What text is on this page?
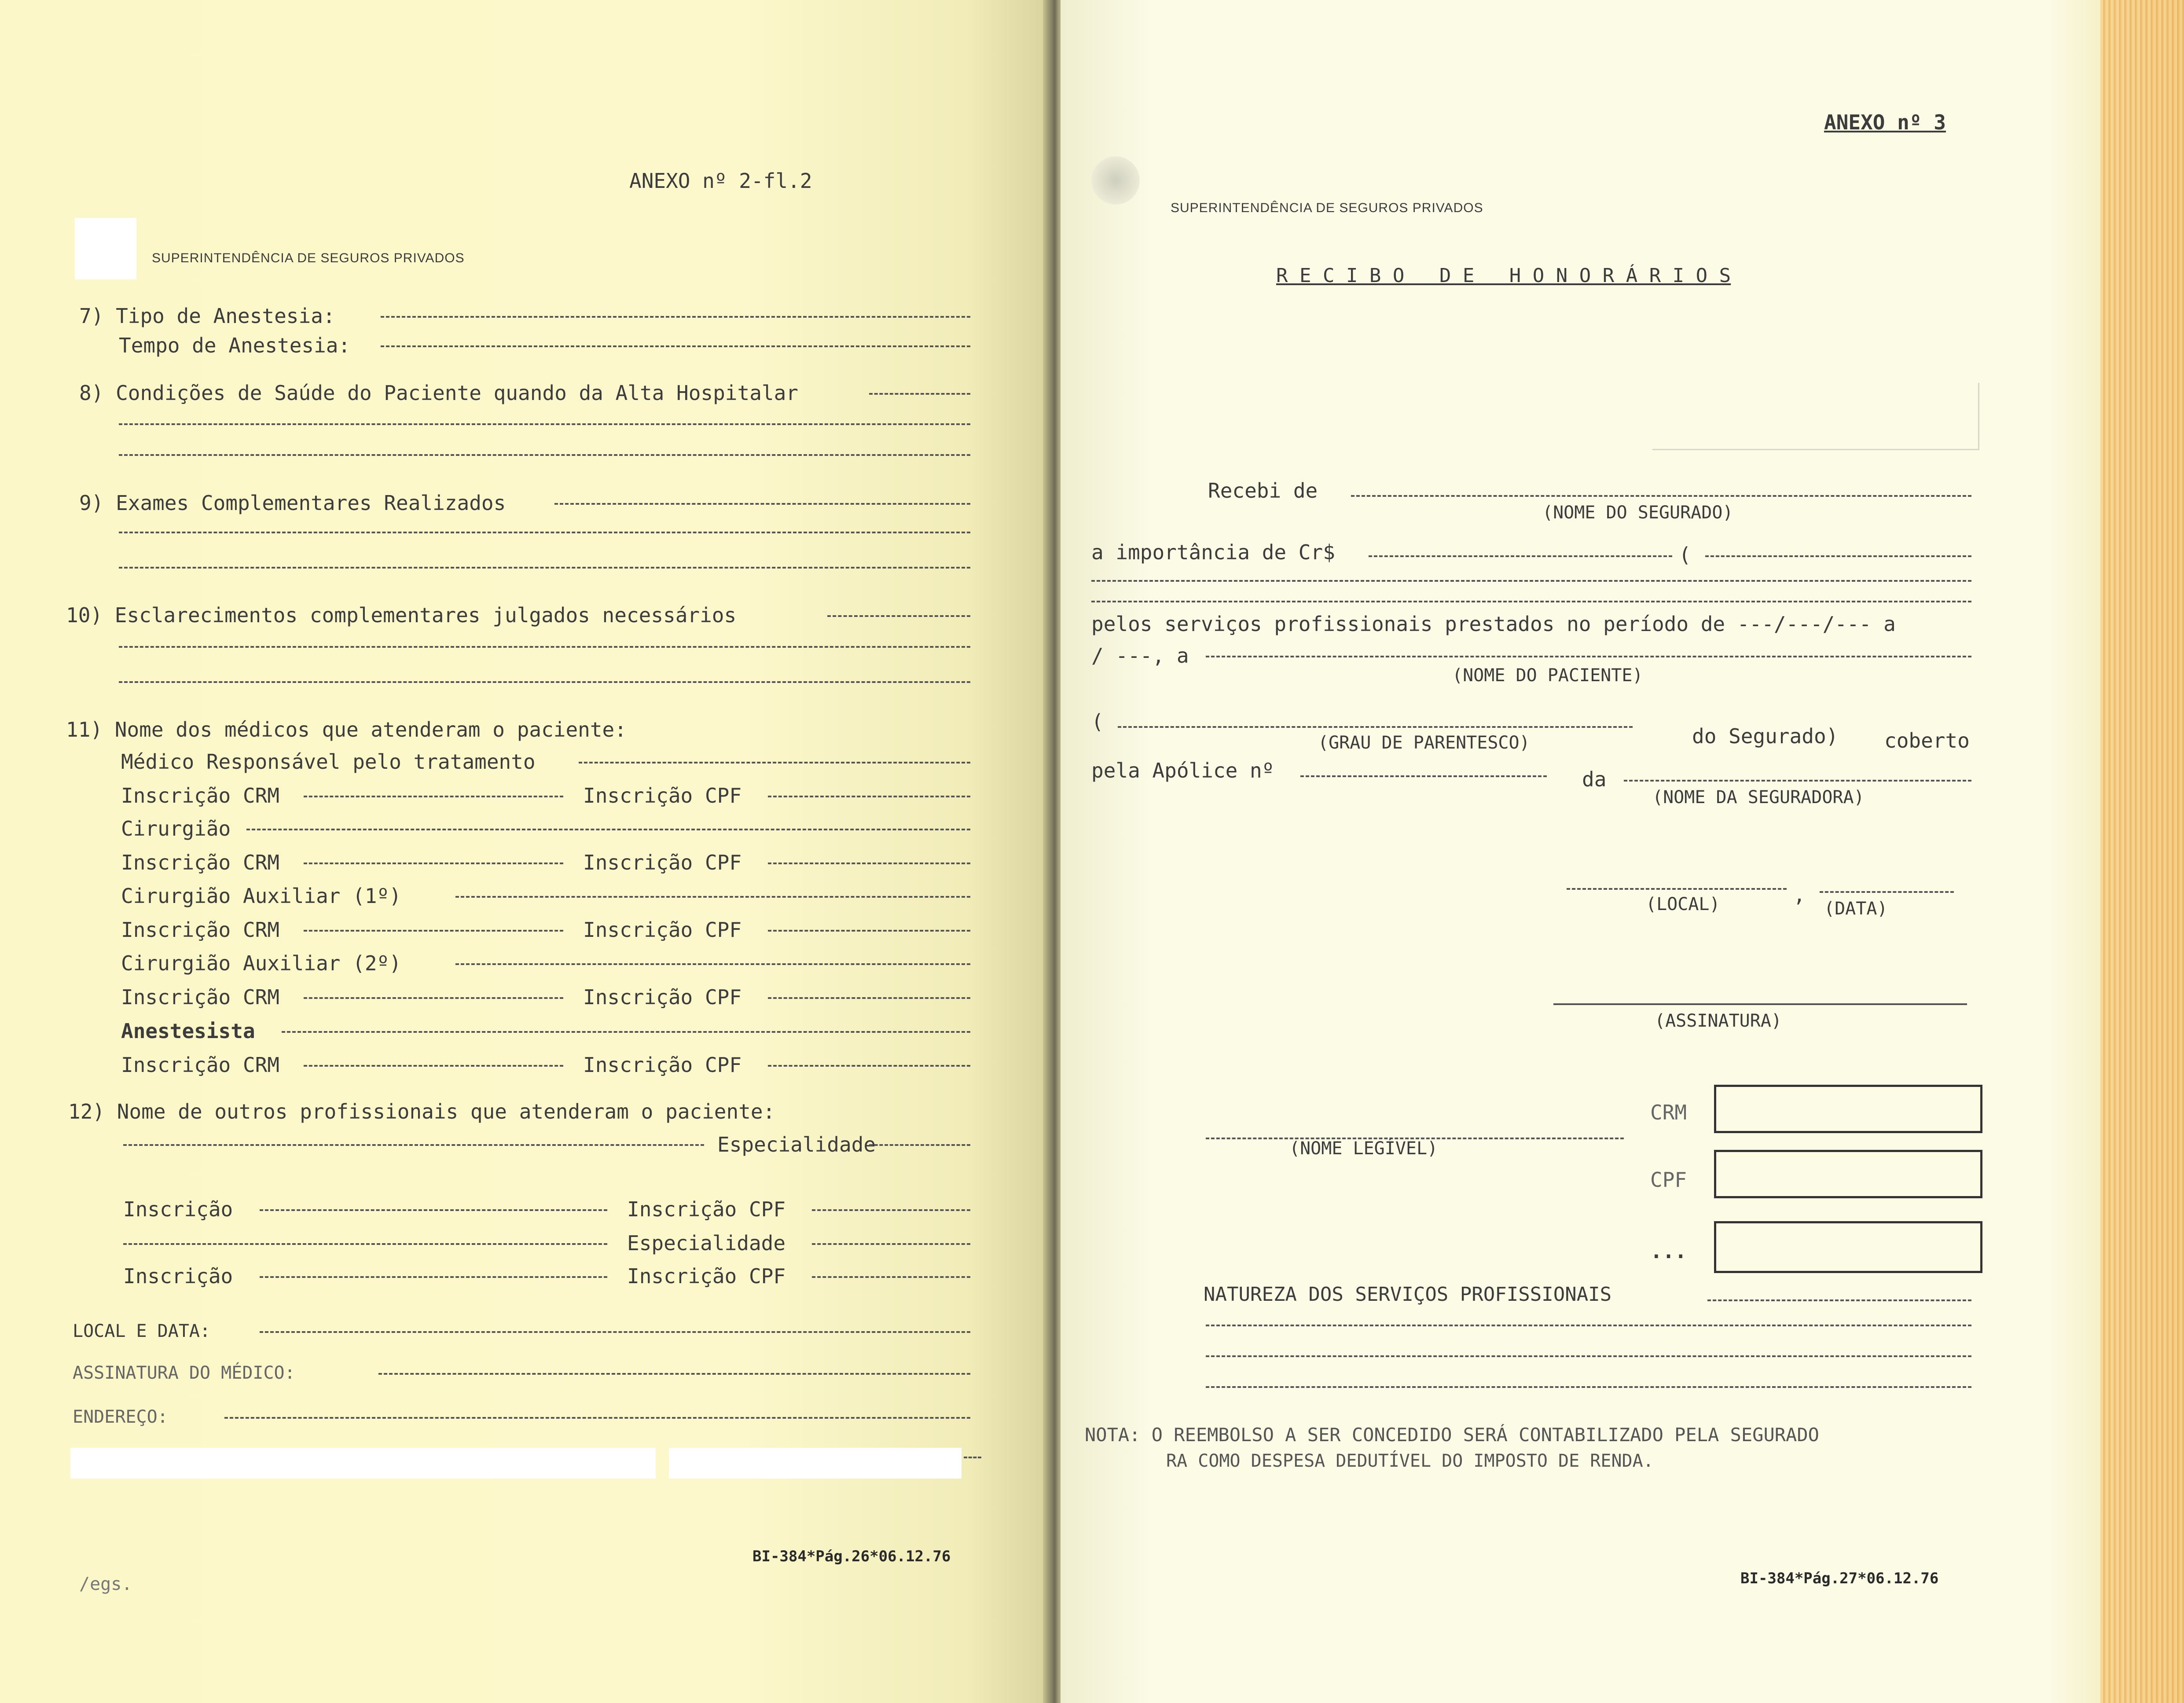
ANEXO nº 2-fl.2
SUPERINTENDÊNCIA DE SEGUROS PRIVADOS
7) Tipo de Anestesia:
Tempo de Anestesia:
8) Condições de Saúde do Paciente quando da Alta Hospitalar
9) Exames Complementares Realizados
10) Esclarecimentos complementares julgados necessários
11) Nome dos médicos que atenderam o paciente:
Médico Responsável pelo tratamento
Inscrição CRM	Inscrição CPF
Cirurgião
Inscrição CRM	Inscrição CPF
Cirurgião Auxiliar (1º)
Inscrição CRM	Inscrição CPF
Cirurgião Auxiliar (2º)
Inscrição CRM	Inscrição CPF
Anestesista
Inscrição CRM	Inscrição CPF
12) Nome de outros profissionais que atenderam o paciente:
Especialidade
Inscrição	Inscrição CPF
Especialidade
Inscrição	Inscrição CPF
LOCAL E DATA:
ASSINATURA DO MÉDICO:
ENDEREÇO:
BI-384*Pág.26*06.12.76
/egs.
ANEXO nº 3
SUPERINTENDÊNCIA DE SEGUROS PRIVADOS
R E C I B O   D E   H O N O R Á R I O S
Recebi de
(NOME DO SEGURADO)
a importância de Cr$	(
pelos serviços profissionais prestados no período de ---/---/--- a
/ ---, a
(NOME DO PACIENTE)
(
(GRAU DE PARENTESCO)	do Segurado) coberto
pela Apólice nº	da
(NOME DA SEGURADORA)
,
(LOCAL)	(DATA)
(ASSINATURA)
CRM
CPF
...
(NOME LEGÍVEL)
NATUREZA DOS SERVIÇOS PROFISSIONAIS
NOTA: O REEMBOLSO A SER CONCEDIDO SERÁ CONTABILIZADO PELA SEGURADO
RA COMO DESPESA DEDUTÍVEL DO IMPOSTO DE RENDA.
BI-384*Pág.27*06.12.76
